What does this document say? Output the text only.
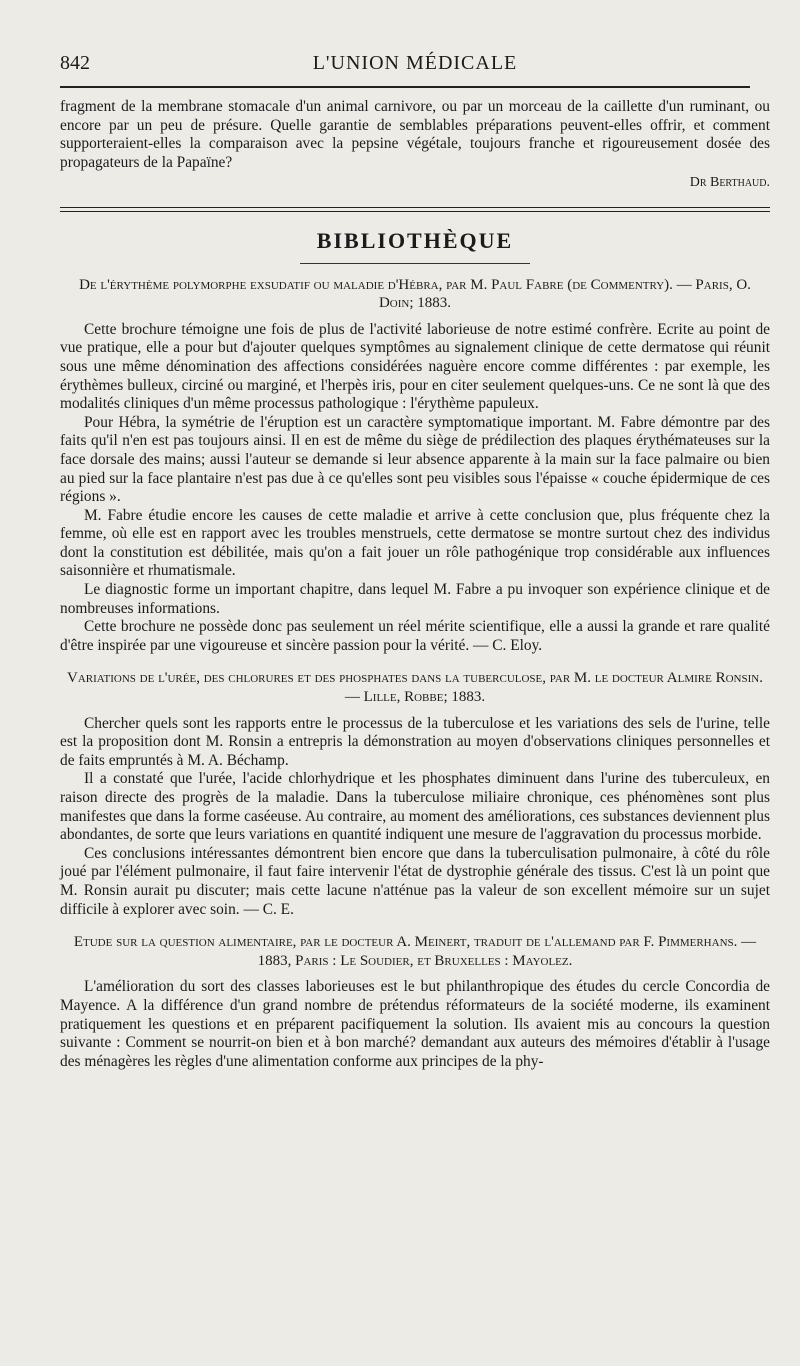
842	L'UNION MÉDICALE

fragment de la membrane stomacale d'un animal carnivore, ou par un morceau de la caillette d'un ruminant, ou encore par un peu de présure. Quelle garantie de semblables préparations peuvent-elles offrir, et comment supporteraient-elles la comparaison avec la pepsine végétale, toujours franche et rigoureusement dosée des propagateurs de la Papaïne?

Dr Berthaud.
BIBLIOTHÈQUE
De l'érythème polymorphe exsudatif ou maladie d'Hébra, par M. Paul Fabre (de Commentry). — Paris, O. Doin; 1883.

Cette brochure témoigne une fois de plus de l'activité laborieuse de notre estimé confrère. Ecrite au point de vue pratique, elle a pour but d'ajouter quelques symptômes au signalement clinique de cette dermatose qui réunit sous une même dénomination des affections considérées naguère encore comme différentes : par exemple, les érythèmes bulleux, circiné ou marginé, et l'herpès iris, pour en citer seulement quelques-uns. Ce ne sont là que des modalités cliniques d'un même processus pathologique : l'érythème papuleux.

Pour Hébra, la symétrie de l'éruption est un caractère symptomatique important. M. Fabre démontre par des faits qu'il n'en est pas toujours ainsi. Il en est de même du siège de prédilection des plaques érythémateuses sur la face dorsale des mains; aussi l'auteur se demande si leur absence apparente à la main sur la face palmaire ou bien au pied sur la face plantaire n'est pas due à ce qu'elles sont peu visibles sous l'épaisse « couche épidermique de ces régions ».

M. Fabre étudie encore les causes de cette maladie et arrive à cette conclusion que, plus fréquente chez la femme, où elle est en rapport avec les troubles menstruels, cette dermatose se montre surtout chez des individus dont la constitution est débilitée, mais qu'on a fait jouer un rôle pathogénique trop considérable aux influences saisonnière et rhumatismale.

Le diagnostic forme un important chapitre, dans lequel M. Fabre a pu invoquer son expérience clinique et de nombreuses informations.

Cette brochure ne possède donc pas seulement un réel mérite scientifique, elle a aussi la grande et rare qualité d'être inspirée par une vigoureuse et sincère passion pour la vérité. — C. Eloy.

Variations de l'urée, des chlorures et des phosphates dans la tuberculose, par M. le docteur Almire Ronsin.— Lille, Robbe; 1883.

Chercher quels sont les rapports entre le processus de la tuberculose et les variations des sels de l'urine, telle est la proposition dont M. Ronsin a entrepris la démonstration au moyen d'observations cliniques personnelles et de faits empruntés à M. A. Béchamp.

Il a constaté que l'urée, l'acide chlorhydrique et les phosphates diminuent dans l'urine des tuberculeux, en raison directe des progrès de la maladie. Dans la tuberculose miliaire chronique, ces phénomènes sont plus manifestes que dans la forme caséeuse. Au contraire, au moment des améliorations, ces substances deviennent plus abondantes, de sorte que leurs variations en quantité indiquent une mesure de l'aggravation du processus morbide.

Ces conclusions intéressantes démontrent bien encore que dans la tuberculisation pulmonaire, à côté du rôle joué par l'élément pulmonaire, il faut faire intervenir l'état de dystrophie générale des tissus. C'est là un point que M. Ronsin aurait pu discuter; mais cette lacune n'atténue pas la valeur de son excellent mémoire sur un sujet difficile à explorer avec soin. — C. E.

Etude sur la question alimentaire, par le docteur A. Meinert, traduit de l'allemand par F. Pimmerhans. — 1883, Paris : Le Soudier, et Bruxelles : Mayolez.

L'amélioration du sort des classes laborieuses est le but philanthropique des études du cercle Concordia de Mayence. A la différence d'un grand nombre de prétendus réformateurs de la société moderne, ils examinent pratiquement les questions et en préparent pacifiquement la solution. Ils avaient mis au concours la question suivante : Comment se nourrit-on bien et à bon marché? demandant aux auteurs des mémoires d'établir à l'usage des ménagères les règles d'une alimentation conforme aux principes de la phy-
